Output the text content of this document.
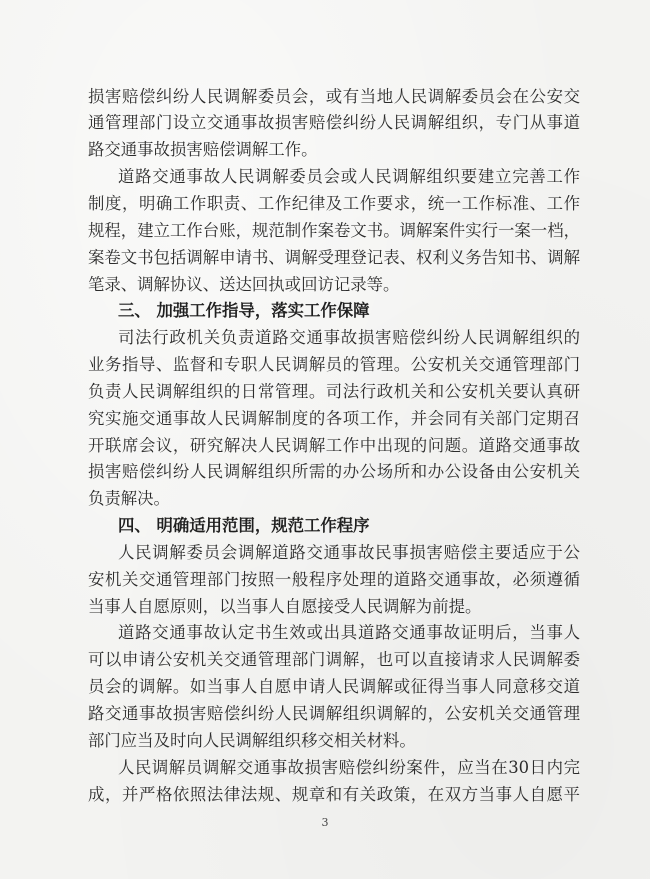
损害赔偿纠纷人民调解委员会，或有当地人民调解委员会在公安交
通管理部门设立交通事故损害赔偿纠纷人民调解组织，专门从事道
路交通事故损害赔偿调解工作。
道路交通事故人民调解委员会或人民调解组织要建立完善工作
制度，明确工作职责、工作纪律及工作要求，统一工作标准、工作
规程，建立工作台账，规范制作案卷文书。调解案件实行一案一档，
案卷文书包括调解申请书、调解受理登记表、权利义务告知书、调解
笔录、调解协议、送达回执或回访记录等。
三、 加强工作指导，落实工作保障
司法行政机关负责道路交通事故损害赔偿纠纷人民调解组织的
业务指导、监督和专职人民调解员的管理。公安机关交通管理部门
负责人民调解组织的日常管理。司法行政机关和公安机关要认真研
究实施交通事故人民调解制度的各项工作，并会同有关部门定期召
开联席会议，研究解决人民调解工作中出现的问题。道路交通事故
损害赔偿纠纷人民调解组织所需的办公场所和办公设备由公安机关
负责解决。
四、 明确适用范围，规范工作程序
人民调解委员会调解道路交通事故民事损害赔偿主要适应于公
安机关交通管理部门按照一般程序处理的道路交通事故，必须遵循
当事人自愿原则，以当事人自愿接受人民调解为前提。
道路交通事故认定书生效或出具道路交通事故证明后，当事人
可以申请公安机关交通管理部门调解，也可以直接请求人民调解委
员会的调解。如当事人自愿申请人民调解或征得当事人同意移交道
路交通事故损害赔偿纠纷人民调解组织调解的，公安机关交通管理
部门应当及时向人民调解组织移交相关材料。
人民调解员调解交通事故损害赔偿纠纷案件，应当在30日内完
成，并严格依照法律法规、规章和有关政策，在双方当事人自愿平
3
